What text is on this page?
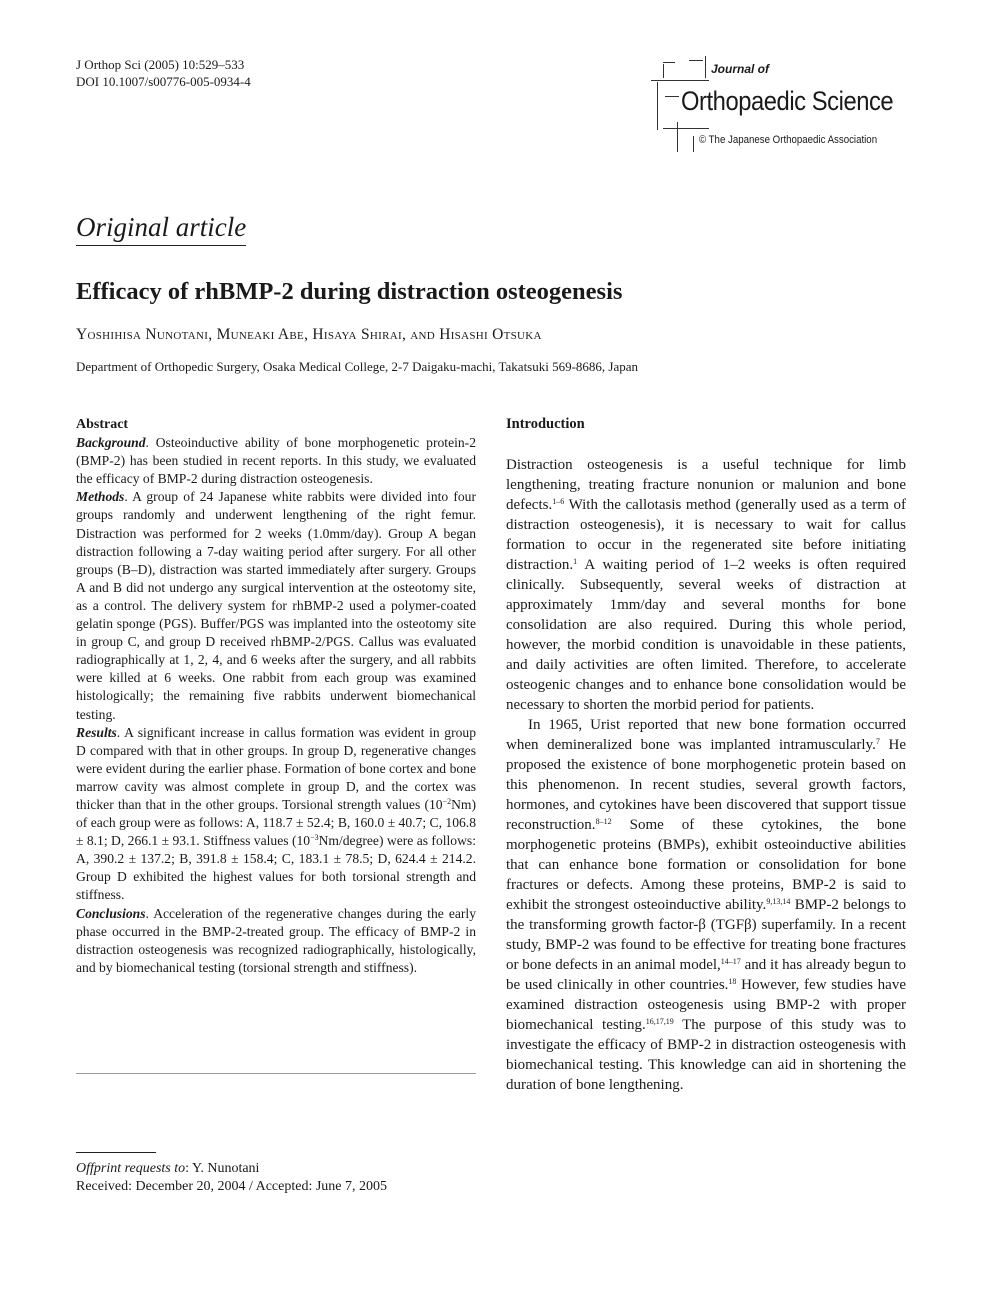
J Orthop Sci (2005) 10:529–533
DOI 10.1007/s00776-005-0934-4
Journal of
Orthopaedic Science
© The Japanese Orthopaedic Association
Original article
Efficacy of rhBMP-2 during distraction osteogenesis
Yoshihisa Nunotani, Muneaki Abe, Hisaya Shirai, and Hisashi Otsuka
Department of Orthopedic Surgery, Osaka Medical College, 2-7 Daigaku-machi, Takatsuki 569-8686, Japan
Abstract

Background. Osteoinductive ability of bone morphogenetic protein-2 (BMP-2) has been studied in recent reports. In this study, we evaluated the efficacy of BMP-2 during distraction osteogenesis.

Methods. A group of 24 Japanese white rabbits were divided into four groups randomly and underwent lengthening of the right femur. Distraction was performed for 2 weeks (1.0mm/day). Group A began distraction following a 7-day waiting period after surgery. For all other groups (B–D), distraction was started immediately after surgery. Groups A and B did not undergo any surgical intervention at the osteotomy site, as a control. The delivery system for rhBMP-2 used a polymer-coated gelatin sponge (PGS). Buffer/PGS was implanted into the osteotomy site in group C, and group D received rhBMP-2/PGS. Callus was evaluated radiographically at 1, 2, 4, and 6 weeks after the surgery, and all rabbits were killed at 6 weeks. One rabbit from each group was examined histologically; the remaining five rabbits underwent biomechanical testing.

Results. A significant increase in callus formation was evident in group D compared with that in other groups. In group D, regenerative changes were evident during the earlier phase. Formation of bone cortex and bone marrow cavity was almost complete in group D, and the cortex was thicker than that in the other groups. Torsional strength values $(10^{-2}Nm)$ of each group were as follows: A, 118.7 ± 52.4; B, 160.0 ± 40.7; C, 106.8 ± 8.1; D, 266.1 ± 93.1. Stiffness values $(10^{-3}Nm/degree)$ were as follows: A, 390.2 ± 137.2; B, 391.8 ± 158.4; C, 183.1 ± 78.5; D, 624.4 ± 214.2. Group D exhibited the highest values for both torsional strength and stiffness.

Conclusions. Acceleration of the regenerative changes during the early phase occurred in the BMP-2-treated group. The efficacy of BMP-2 in distraction osteogenesis was recognized radiographically, histologically, and by biomechanical testing (torsional strength and stiffness).

Offprint requests to: Y. Nunotani
Received: December 20, 2004 / Accepted: June 7, 2005
Introduction

Distraction osteogenesis is a useful technique for limb lengthening, treating fracture nonunion or malunion and bone defects.$^{1-6}$ With the callotasis method (generally used as a term of distraction osteogenesis), it is necessary to wait for callus formation to occur in the regenerated site before initiating distraction.$^1$ A waiting period of 1–2 weeks is often required clinically. Subsequently, several weeks of distraction at approximately 1mm/day and several months for bone consolidation are also required. During this whole period, however, the morbid condition is unavoidable in these patients, and daily activities are often limited. Therefore, to accelerate osteogenic changes and to enhance bone consolidation would be necessary to shorten the morbid period for patients.

In 1965, Urist reported that new bone formation occurred when demineralized bone was implanted intramuscularly.$^7$ He proposed the existence of bone morphogenetic protein based on this phenomenon. In recent studies, several growth factors, hormones, and cytokines have been discovered that support tissue reconstruction.$^{8-12}$ Some of these cytokines, the bone morphogenetic proteins (BMPs), exhibit osteoinductive abilities that can enhance bone formation or consolidation for bone fractures or defects. Among these proteins, BMP-2 is said to exhibit the strongest osteoinductive ability.$^{9,13,14}$ BMP-2 belongs to the transforming growth factor-β (TGFβ) superfamily. In a recent study, BMP-2 was found to be effective for treating bone fractures or bone defects in an animal model,$^{14-17}$ and it has already begun to be used clinically in other countries.$^{18}$ However, few studies have examined distraction osteogenesis using BMP-2 with proper biomechanical testing.$^{16,17,19}$ The purpose of this study was to investigate the efficacy of BMP-2 in distraction osteogenesis with biomechanical testing. This knowledge can aid in shortening the duration of bone lengthening.
